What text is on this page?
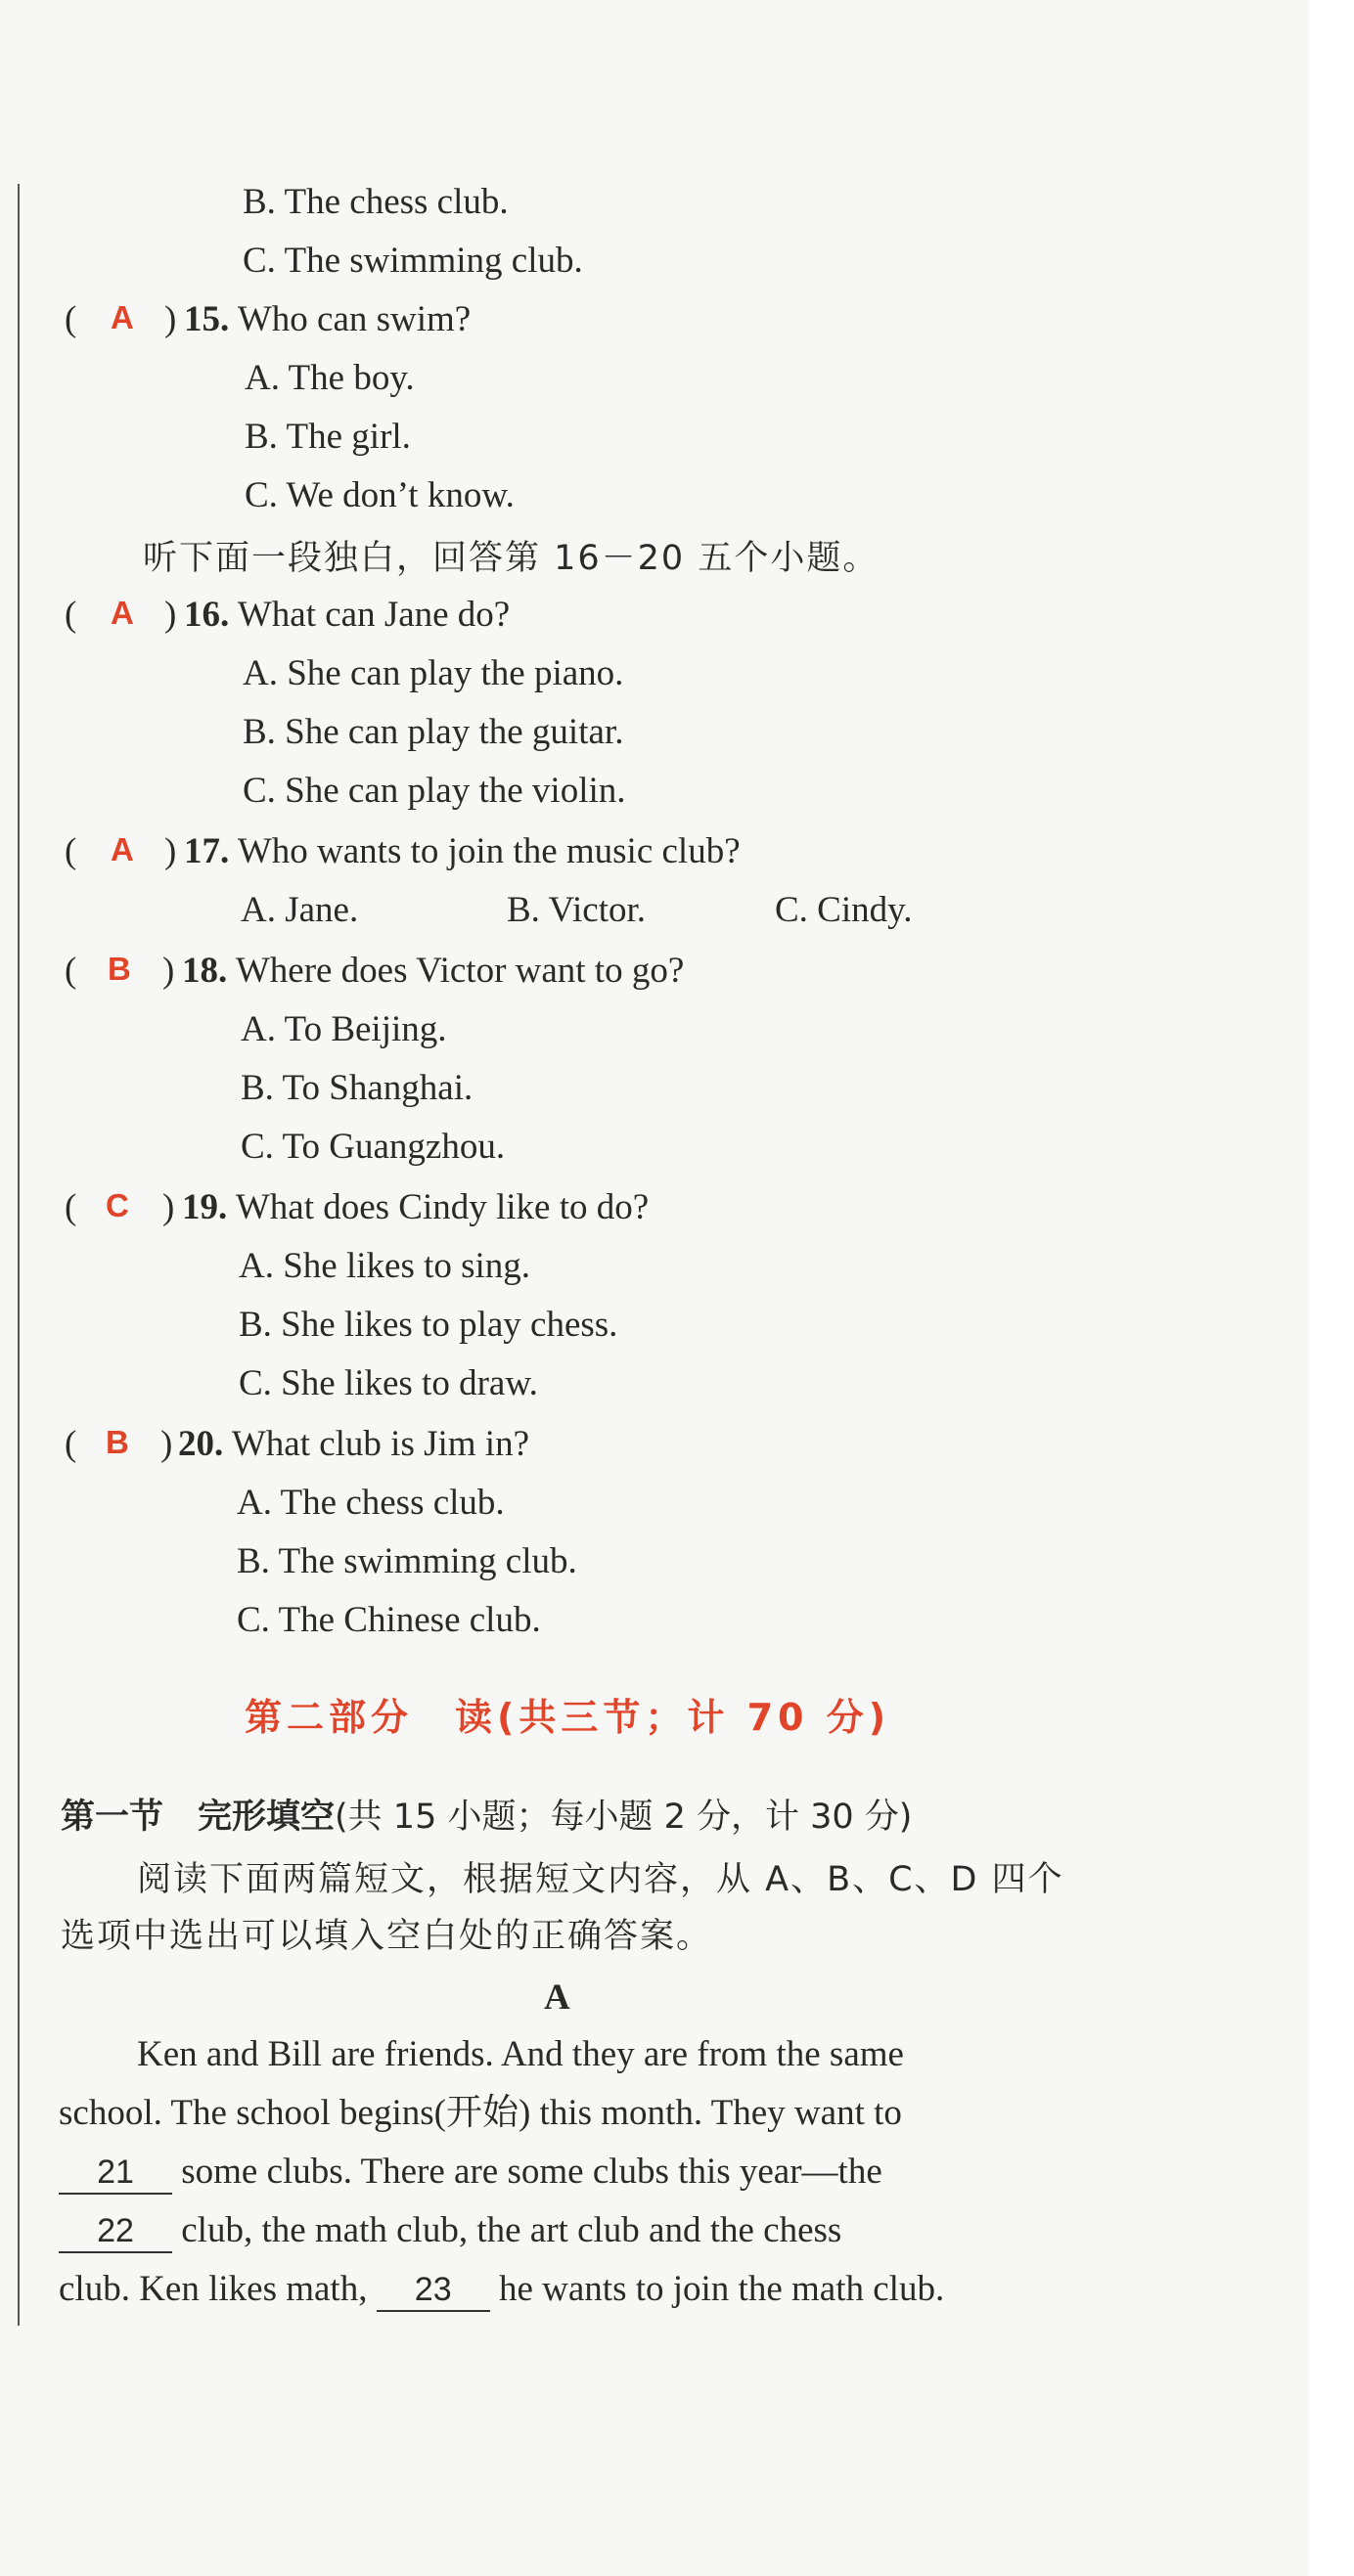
B. The chess club.
C. The swimming club.
( A ) 15. Who can swim?
A. The boy.
B. The girl.
C. We don’t know.
听下面一段独白，回答第 16－20 五个小题。
( A ) 16. What can Jane do?
A. She can play the piano.
B. She can play the guitar.
C. She can play the violin.
( A ) 17. Who wants to join the music club?
A. Jane.	B. Victor.	C. Cindy.
( B ) 18. Where does Victor want to go?
A. To Beijing.
B. To Shanghai.
C. To Guangzhou.
( C ) 19. What does Cindy like to do?
A. She likes to sing.
B. She likes to play chess.
C. She likes to draw.
( B ) 20. What club is Jim in?
A. The chess club.
B. The swimming club.
C. The Chinese club.
第二部分　读(共三节；计 70 分)
第一节　完形填空(共 15 小题；每小题 2 分，计 30 分)
阅读下面两篇短文，根据短文内容，从 A、B、C、D 四个
选项中选出可以填入空白处的正确答案。
A
Ken and Bill are friends. And they are from the same
school. The school begins(开始) this month. They want to
21 some clubs. There are some clubs this year—the
22 club, the math club, the art club and the chess
club. Ken likes math, 23 he wants to join the math club.
